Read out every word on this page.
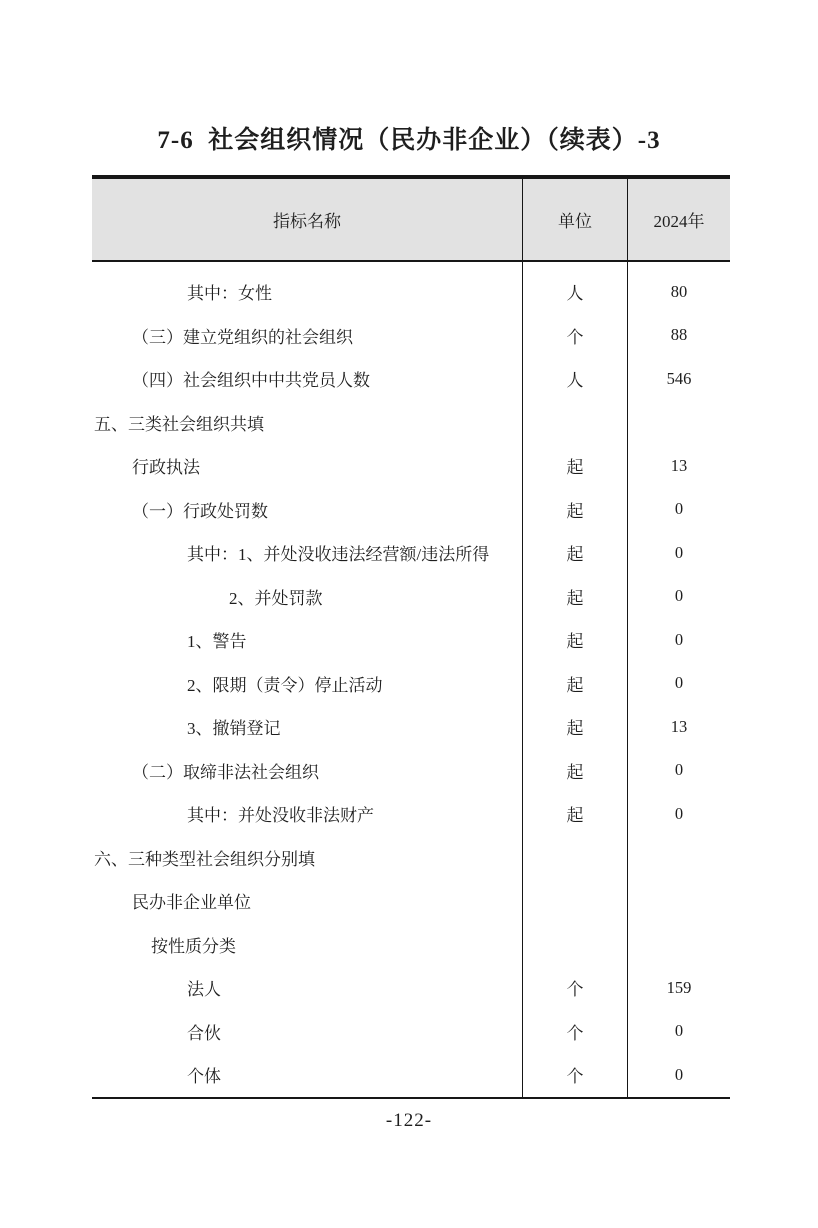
7-6  社会组织情况（民办非企业）（续表）-3
指标名称	单位	2024年
其中：女性	人	80
（三）建立党组织的社会组织	个	88
（四）社会组织中中共党员人数	人	546
五、三类社会组织共填
行政执法	起	13
（一）行政处罚数	起	0
其中：1、并处没收违法经营额/违法所得	起	0
2、并处罚款	起	0
1、警告	起	0
2、限期（责令）停止活动	起	0
3、撤销登记	起	13
（二）取缔非法社会组织	起	0
其中：并处没收非法财产	起	0
六、三种类型社会组织分别填
民办非企业单位
按性质分类
法人	个	159
合伙	个	0
个体	个	0
-122-
